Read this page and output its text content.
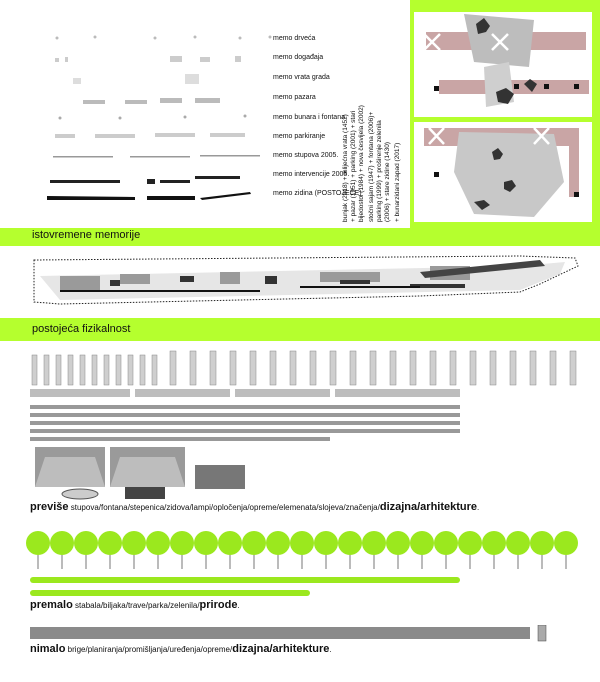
memo drveća
memo događaja
memo vrata grada
memo pazara
memo bunara i fontana
memo parkiranje
memo stupova 2005.
memo intervencije 2005.
memo zidina (POSTOJEĆE) stočni sajam (1947) + fontana (2006)+ parking (1999) + proširenje zelenila (2006) + stare zidine (1430)
bunjak (2018) + mlijećna vrata (1452) + pazar (1951) + parking (2001) + stari bijedostol (1984) + nova česvijela (2002)	+ bunarzidani zapad (2017)
istovremene memorije
postojeća fizikalnost
previše stupova/fontana/stepenica/zidova/lampi/opločenja/opreme/elemenata/slojeva/značenja/dizajna/arhitekture.
premalo stabala/biljaka/trave/parka/zelenila/prirode.
nimalo brige/planiranja/promišljanja/uređenja/opreme/dizajna/arhitekture.
